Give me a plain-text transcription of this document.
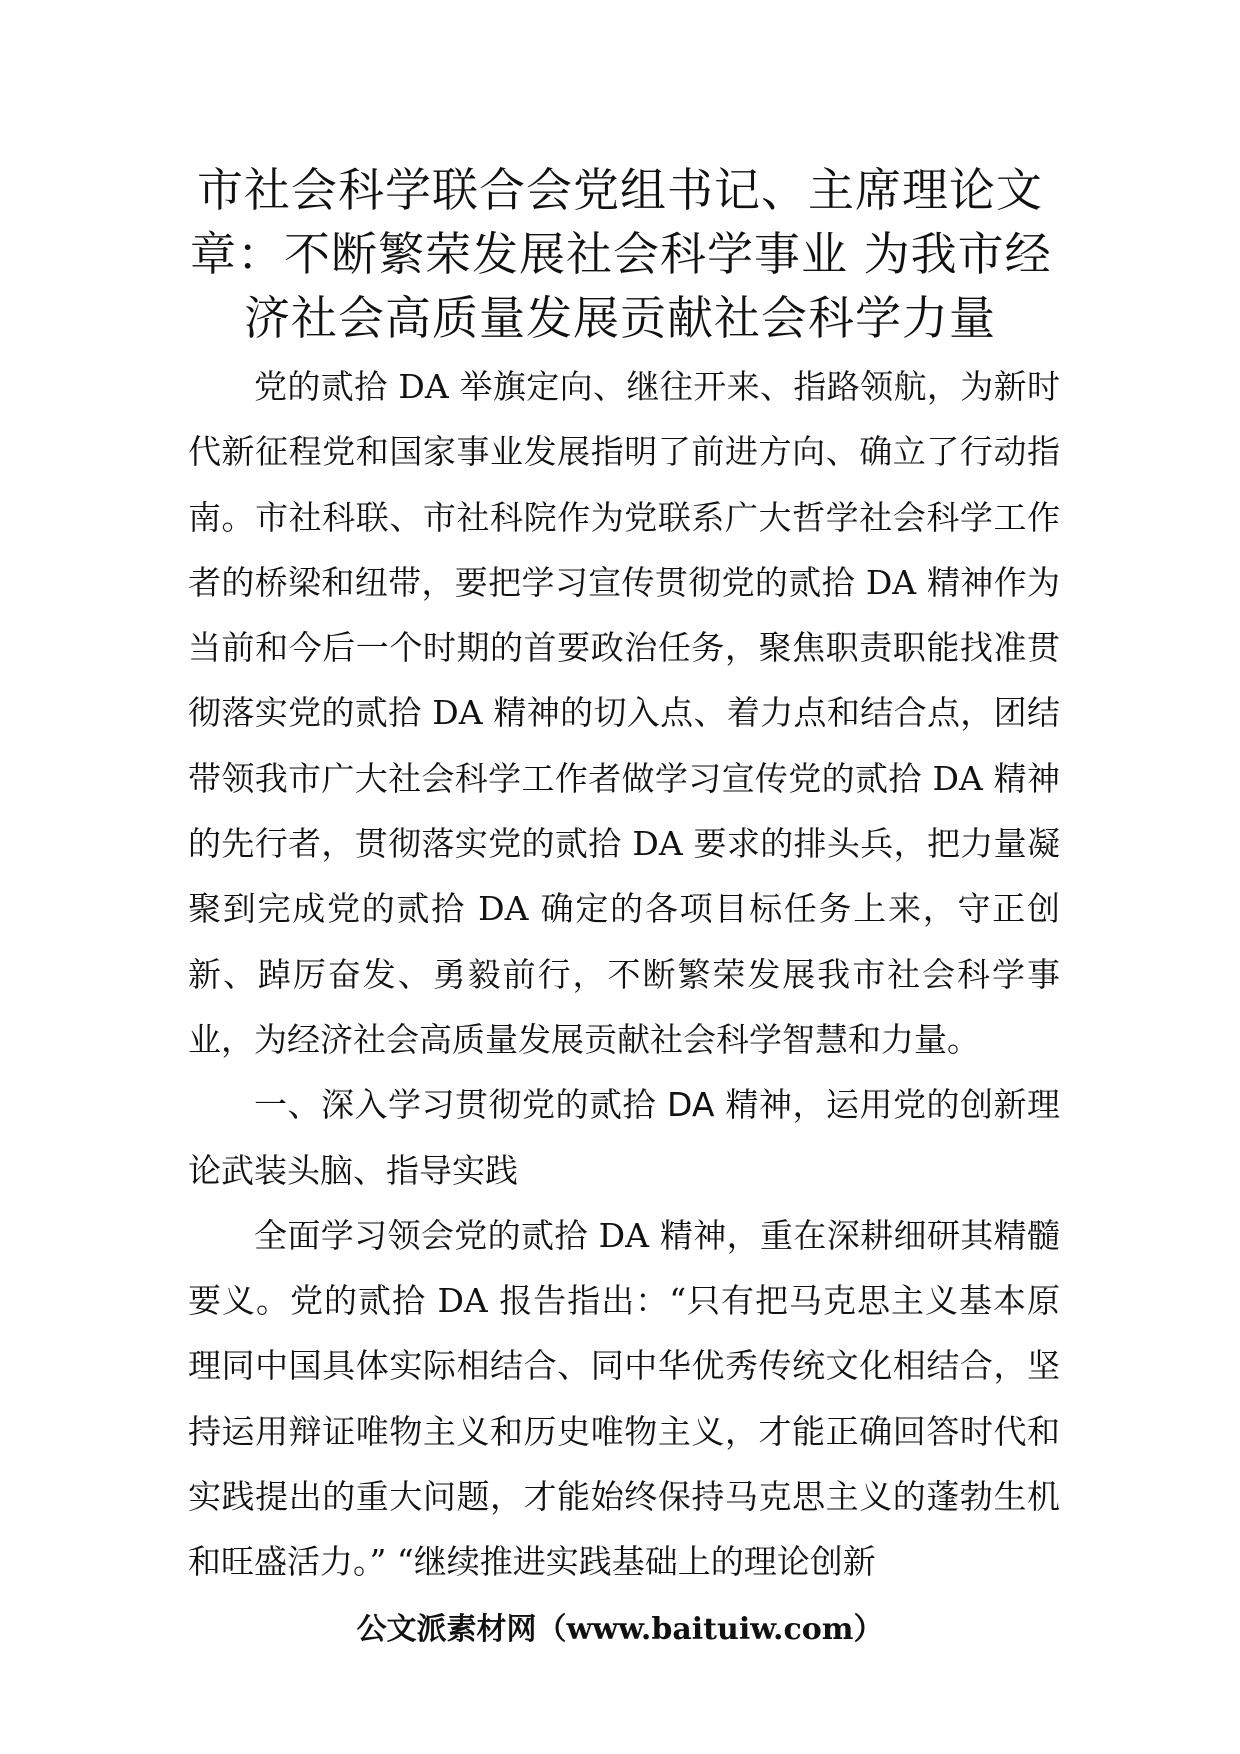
市社会科学联合会党组书记、主席理论文
章：不断繁荣发展社会科学事业 为我市经
济社会高质量发展贡献社会科学力量

党的贰拾 DA 举旗定向、继往开来、指路领航，为新时代新征程党和国家事业发展指明了前进方向、确立了行动指南。市社科联、市社科院作为党联系广大哲学社会科学工作者的桥梁和纽带，要把学习宣传贯彻党的贰拾 DA 精神作为当前和今后一个时期的首要政治任务，聚焦职责职能找准贯彻落实党的贰拾 DA 精神的切入点、着力点和结合点，团结带领我市广大社会科学工作者做学习宣传党的贰拾 DA 精神的先行者，贯彻落实党的贰拾 DA 要求的排头兵，把力量凝聚到完成党的贰拾 DA 确定的各项目标任务上来，守正创新、踔厉奋发、勇毅前行，不断繁荣发展我市社会科学事业，为经济社会高质量发展贡献社会科学智慧和力量。

一、深入学习贯彻党的贰拾 DA 精神，运用党的创新理论武装头脑、指导实践

全面学习领会党的贰拾 DA 精神，重在深耕细研其精髓要义。党的贰拾 DA 报告指出：“只有把马克思主义基本原理同中国具体实际相结合、同中华优秀传统文化相结合，坚持运用辩证唯物主义和历史唯物主义，才能正确回答时代和实践提出的重大问题，才能始终保持马克思主义的蓬勃生机和旺盛活力。” “继续推进实践基础上的理论创新

公文派素材网（www.baituiw.com）
